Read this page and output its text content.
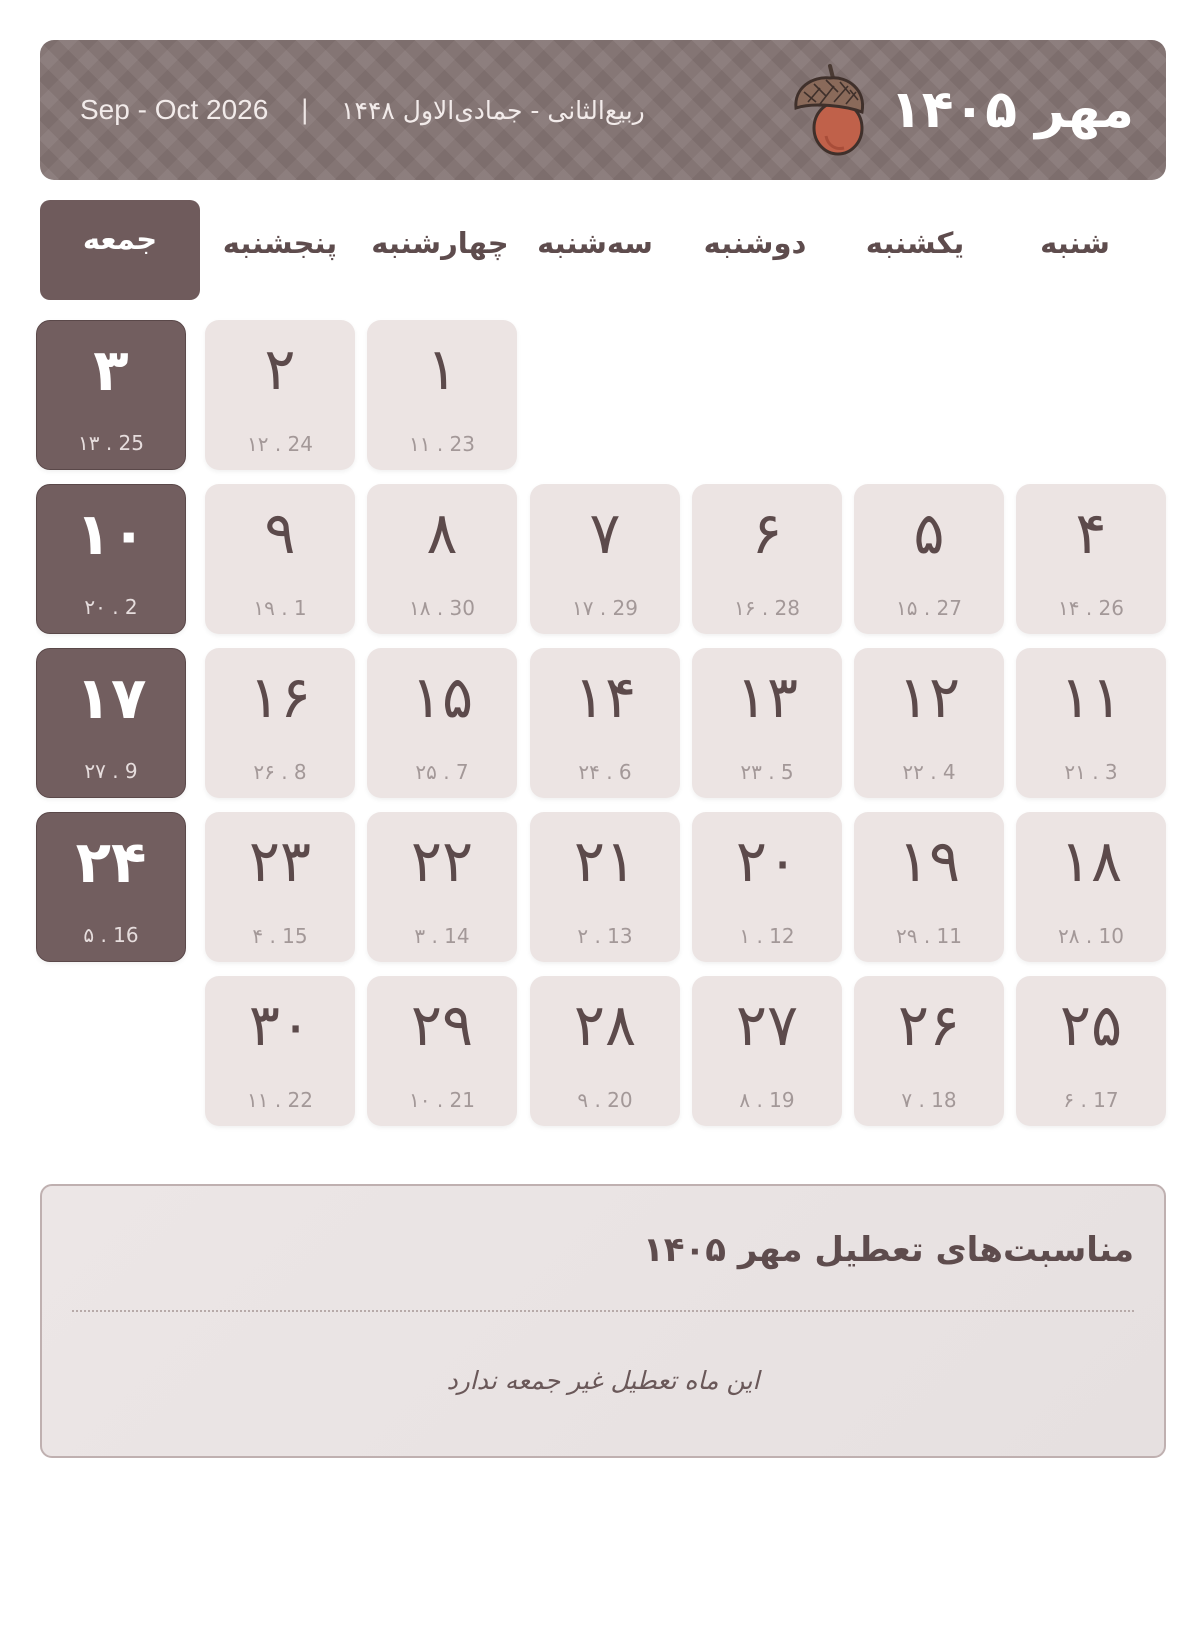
Sep - Oct 2026 | ربیع‌الثانی - جمادی‌الاول ۱۴۴۸	مهر ۱۴۰۵
شنبه
یکشنبه
دوشنبه
سه‌شنبه
چهارشنبه
پنجشنبه
جمعه
۱
۱۱ . 23
۲
۱۲ . 24
۳
۱۳ . 25
۴
۱۴ . 26
۵
۱۵ . 27
۶
۱۶ . 28
۷
۱۷ . 29
۸
۱۸ . 30
۹
۱۹ . 1
۱۰
۲۰ . 2
۱۱
۲۱ . 3
۱۲
۲۲ . 4
۱۳
۲۳ . 5
۱۴
۲۴ . 6
۱۵
۲۵ . 7
۱۶
۲۶ . 8
۱۷
۲۷ . 9
۱۸
۲۸ . 10
۱۹
۲۹ . 11
۲۰
۱ . 12
۲۱
۲ . 13
۲۲
۳ . 14
۲۳
۴ . 15
۲۴
۵ . 16
۲۵
۶ . 17
۲۶
۷ . 18
۲۷
۸ . 19
۲۸
۹ . 20
۲۹
۱۰ . 21
۳۰
۱۱ . 22
مناسبت‌های تعطیل مهر ۱۴۰۵
این ماه تعطیل غیر جمعه ندارد
